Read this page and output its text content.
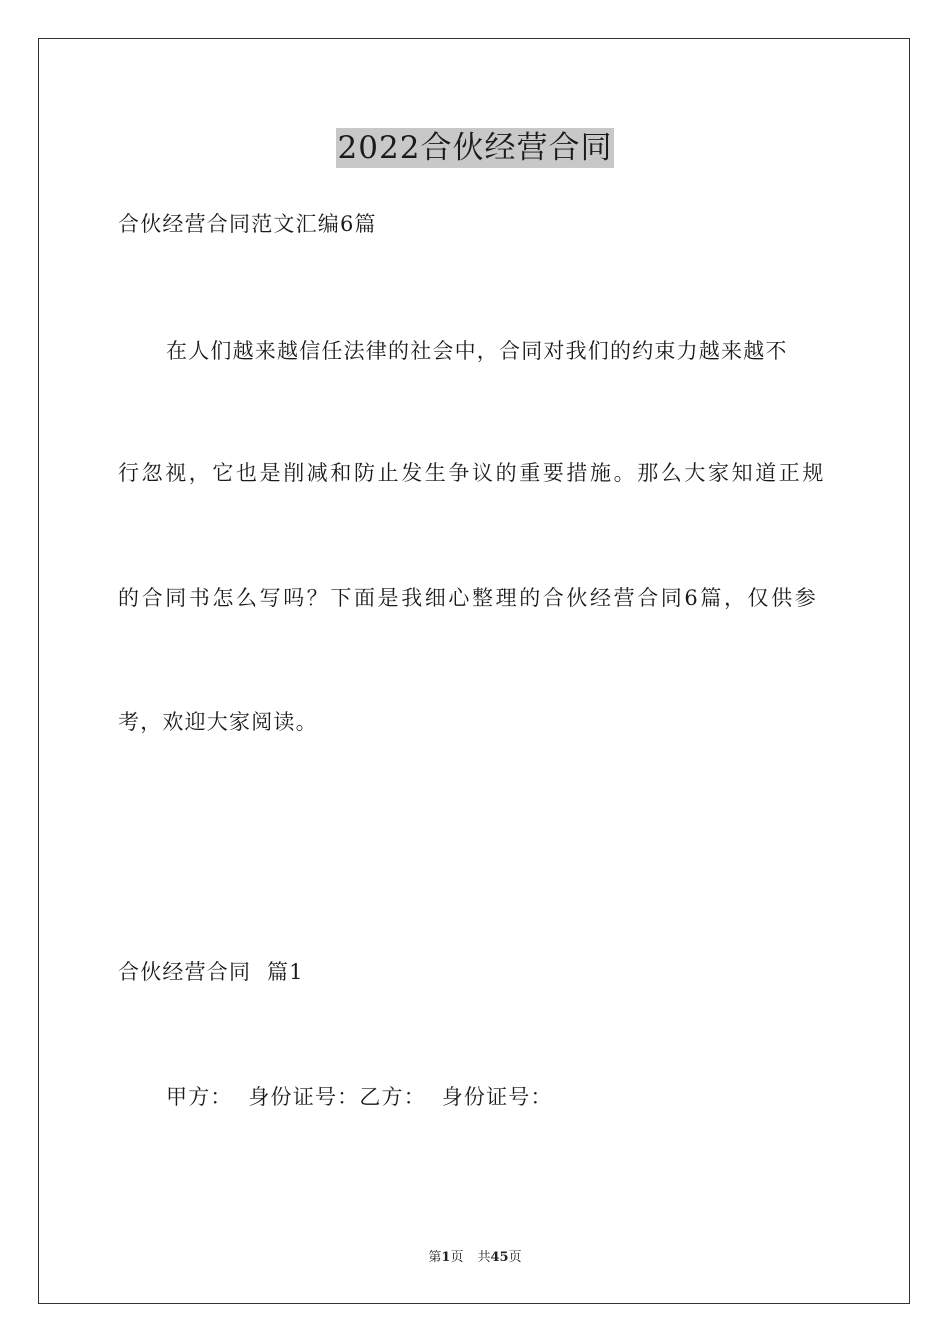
2022合伙经营合同

合伙经营合同范文汇编6篇

在人们越来越信任法律的社会中，合同对我们的约束力越来越不

行忽视，它也是削减和防止发生争议的重要措施。那么大家知道正规

的合同书怎么写吗？下面是我细心整理的合伙经营合同6篇，仅供参

考，欢迎大家阅读。

合伙经营合同  篇1

甲方：  身份证号：乙方：  身份证号：

第1页 共45页
